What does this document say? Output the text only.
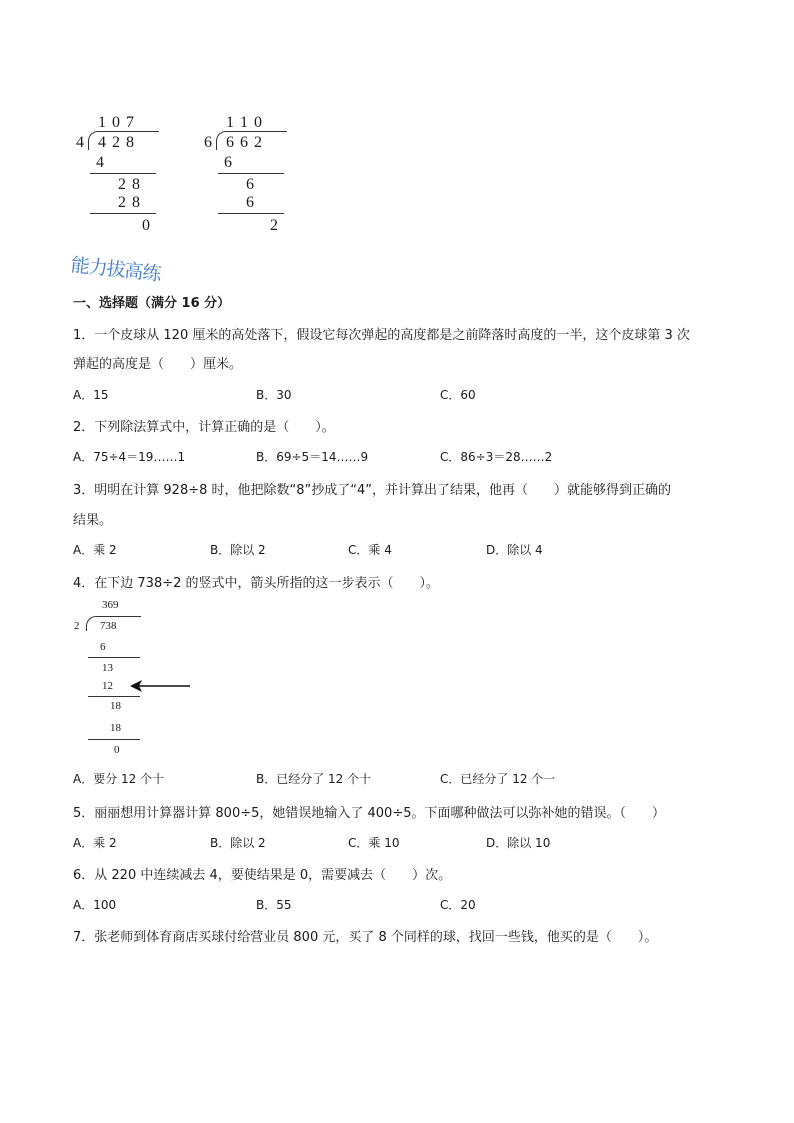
1 0 7
4 4 2 8
4
2 8
2 8
0
1 1 0
6 6 6 2
6
6
6
2
能力拔高练
一、选择题（满分 16 分）
1．一个皮球从 120 厘米的高处落下，假设它每次弹起的高度都是之前降落时高度的一半，这个皮球第 3 次
弹起的高度是（　　）厘米。
A．15	B．30	C．60
2．下列除法算式中，计算正确的是（　　）。
A．75÷4＝19……1	B．69÷5＝14……9	C．86÷3＝28……2
3．明明在计算 928÷8 时，他把除数“8”抄成了“4”，并计算出了结果，他再（　　）就能够得到正确的
结果。
A．乘 2	B．除以 2	C．乘 4	D．除以 4
4．在下边 738÷2 的竖式中，箭头所指的这一步表示（　　）。
369
2 738
6
13
12
18
18
0
A．要分 12 个十	B．已经分了 12 个十	C．已经分了 12 个一
5．丽丽想用计算器计算 800÷5，她错误地输入了 400÷5。下面哪种做法可以弥补她的错误。（　　）
A．乘 2	B．除以 2	C．乘 10	D．除以 10
6．从 220 中连续减去 4，要使结果是 0，需要减去（　　）次。
A．100	B．55	C．20
7．张老师到体育商店买球付给营业员 800 元，买了 8 个同样的球，找回一些钱，他买的是（　　）。
